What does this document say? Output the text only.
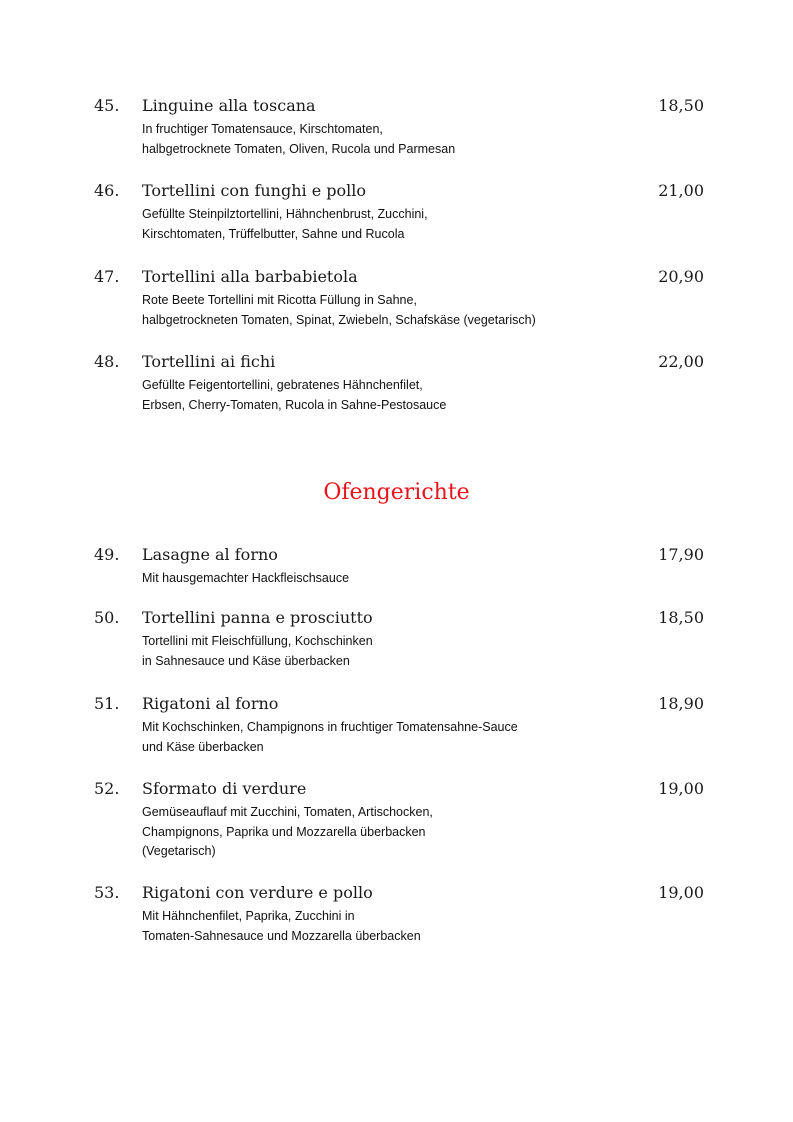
45. Linguine alla toscana	18,50
In fruchtiger Tomatensauce, Kirschtomaten,
halbgetrocknete Tomaten, Oliven, Rucola und Parmesan
46. Tortellini con funghi e pollo	21,00
Gefüllte Steinpilztortellini, Hähnchenbrust, Zucchini,
Kirschtomaten, Trüffelbutter, Sahne und Rucola
47. Tortellini alla barbabietola	20,90
Rote Beete Tortellini mit Ricotta Füllung in Sahne,
halbgetrockneten Tomaten, Spinat, Zwiebeln, Schafskäse (vegetarisch)
48. Tortellini ai fichi	22,00
Gefüllte Feigentortellini, gebratenes Hähnchenfilet,
Erbsen, Cherry-Tomaten, Rucola in Sahne-Pestosauce
Ofengerichte
49. Lasagne al forno	17,90
Mit hausgemachter Hackfleischsauce
50. Tortellini panna e prosciutto	18,50
Tortellini mit Fleischfüllung, Kochschinken
in Sahnesauce und Käse überbacken
51. Rigatoni al forno	18,90
Mit Kochschinken, Champignons in fruchtiger Tomatensahne-Sauce
und Käse überbacken
52. Sformato di verdure	19,00
Gemüseauflauf mit Zucchini, Tomaten, Artischocken,
Champignons, Paprika und Mozzarella überbacken
(Vegetarisch)
53. Rigatoni con verdure e pollo	19,00
Mit Hähnchenfilet, Paprika, Zucchini in
Tomaten-Sahnesauce und Mozzarella überbacken
